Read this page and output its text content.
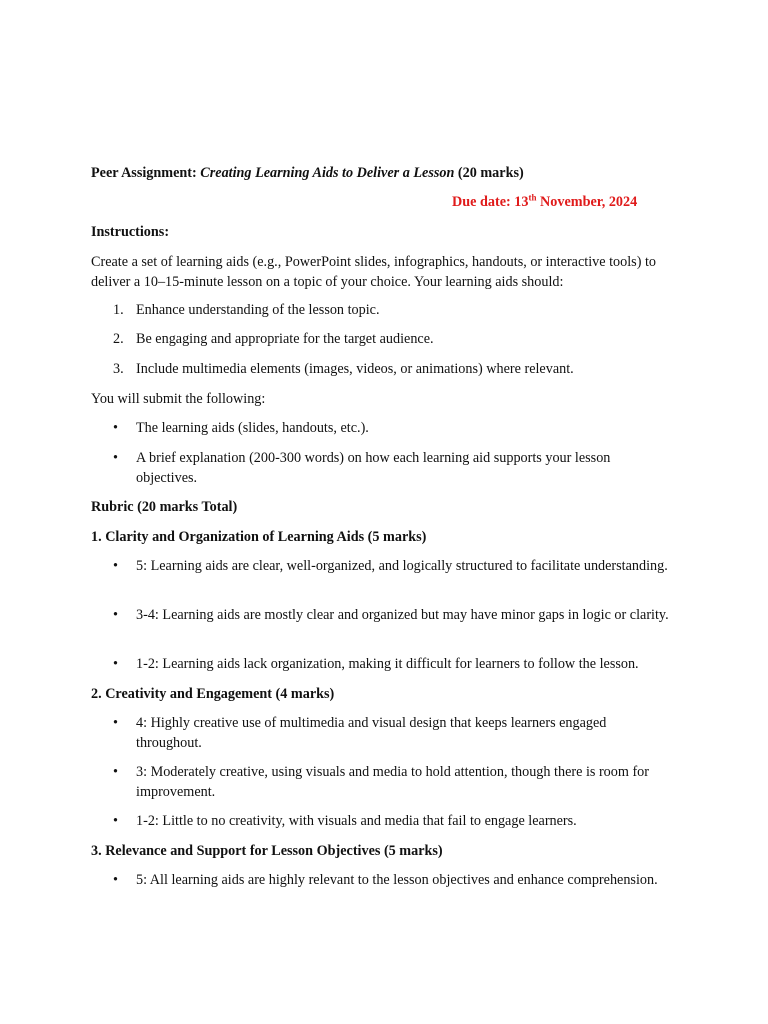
Peer Assignment: Creating Learning Aids to Deliver a Lesson (20 marks)
Due date: 13th November, 2024
Instructions:
Create a set of learning aids (e.g., PowerPoint slides, infographics, handouts, or interactive tools) to deliver a 10–15-minute lesson on a topic of your choice. Your learning aids should:
1. Enhance understanding of the lesson topic.
2. Be engaging and appropriate for the target audience.
3. Include multimedia elements (images, videos, or animations) where relevant.
You will submit the following:
• The learning aids (slides, handouts, etc.).
• A brief explanation (200-300 words) on how each learning aid supports your lesson objectives.
Rubric (20 marks Total)
1. Clarity and Organization of Learning Aids (5 marks)
• 5: Learning aids are clear, well-organized, and logically structured to facilitate understanding.
• 3-4: Learning aids are mostly clear and organized but may have minor gaps in logic or clarity.
• 1-2: Learning aids lack organization, making it difficult for learners to follow the lesson.
2. Creativity and Engagement (4 marks)
• 4: Highly creative use of multimedia and visual design that keeps learners engaged throughout.
• 3: Moderately creative, using visuals and media to hold attention, though there is room for improvement.
• 1-2: Little to no creativity, with visuals and media that fail to engage learners.
3. Relevance and Support for Lesson Objectives (5 marks)
• 5: All learning aids are highly relevant to the lesson objectives and enhance comprehension.
